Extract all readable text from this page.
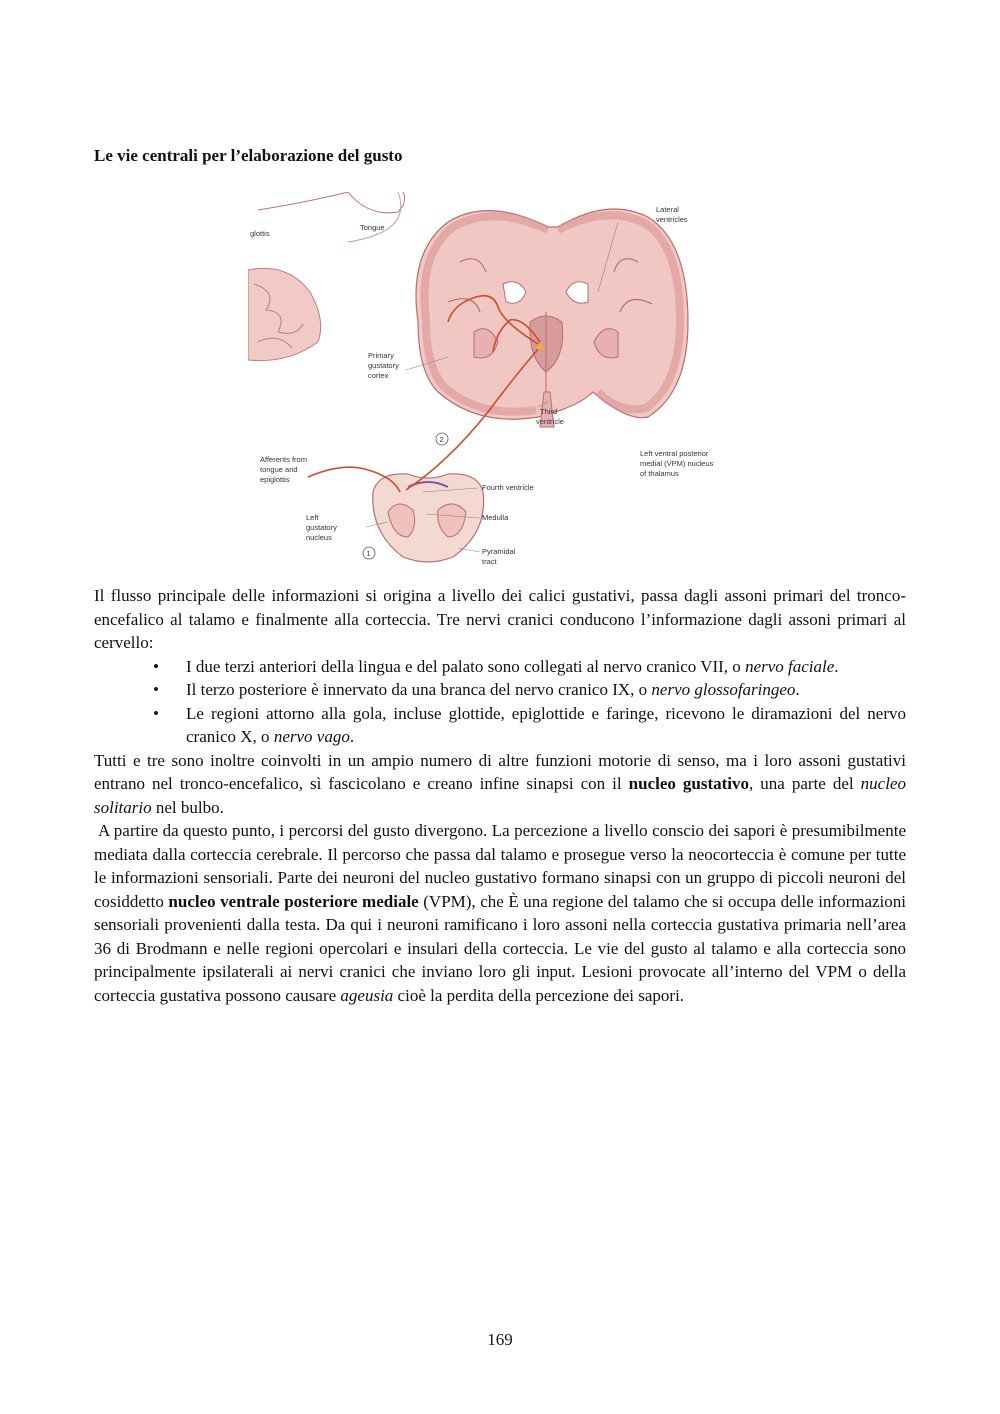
Le vie centrali per l’elaborazione del gusto
glottis
Tongue
Lateral
ventricles
Primary
gustatory
cortex
Third
ventricle
Afferents from
tongue and
epiglottis
Left ventral posterior
medial (VPM) nucleus
of thalamus
Fourth ventricle
Medulla
Left
gustatory
nucleus
Pyramidal
tract
2
1

Il flusso principale delle informazioni si origina a livello dei calici gustativi, passa dagli assoni primari del tronco-encefalico al talamo e finalmente alla corteccia. Tre nervi cranici conducono l’informazione dagli assoni primari al cervello:

• I due terzi anteriori della lingua e del palato sono collegati al nervo cranico VII, o nervo faciale.
• Il terzo posteriore è innervato da una branca del nervo cranico IX, o nervo glossofaringeo.
• Le regioni attorno alla gola, incluse glottide, epiglottide e faringe, ricevono le diramazioni del nervo cranico X, o nervo vago.

Tutti e tre sono inoltre coinvolti in un ampio numero di altre funzioni motorie di senso, ma i loro assoni gustativi entrano nel tronco-encefalico, sì fascicolano e creano infine sinapsi con il nucleo gustativo, una parte del nucleo solitario nel bulbo.

A partire da questo punto, i percorsi del gusto divergono. La percezione a livello conscio dei sapori è presumibilmente mediata dalla corteccia cerebrale. Il percorso che passa dal talamo e prosegue verso la neocorteccia è comune per tutte le informazioni sensoriali. Parte dei neuroni del nucleo gustativo formano sinapsi con un gruppo di piccoli neuroni del cosiddetto nucleo ventrale posteriore mediale (VPM), che È una regione del talamo che si occupa delle informazioni sensoriali provenienti dalla testa. Da qui i neuroni ramificano i loro assoni nella corteccia gustativa primaria nell’area 36 di Brodmann e nelle regioni opercolari e insulari della corteccia. Le vie del gusto al talamo e alla corteccia sono principalmente ipsilaterali ai nervi cranici che inviano loro gli input. Lesioni provocate all’interno del VPM o della corteccia gustativa possono causare ageusia cioè la perdita della percezione dei sapori.

169
